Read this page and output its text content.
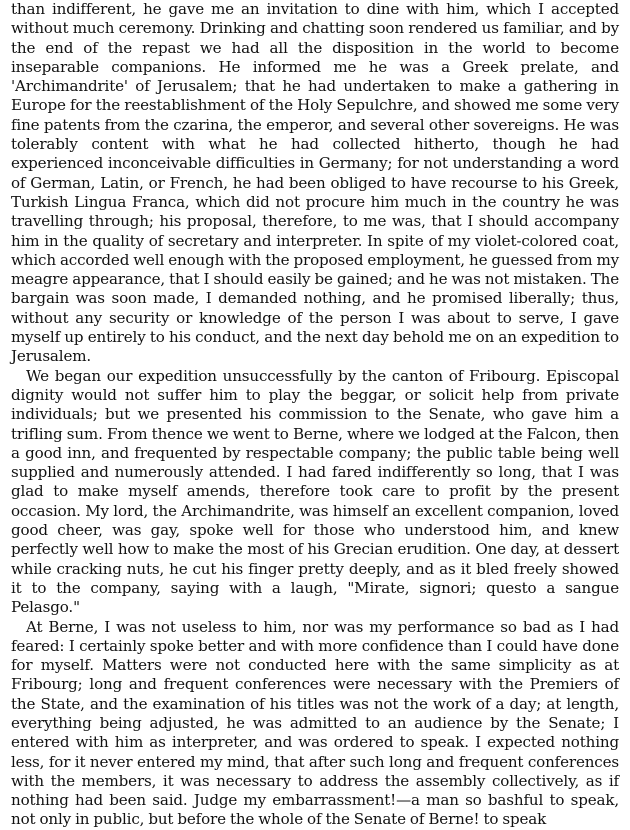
than indifferent, he gave me an invitation to dine with him, which I accepted without much ceremony. Drinking and chatting soon rendered us familiar, and by the end of the repast we had all the disposition in the world to become inseparable companions. He informed me he was a Greek prelate, and 'Archimandrite' of Jerusalem; that he had undertaken to make a gathering in Europe for the reestablishment of the Holy Sepulchre, and showed me some very fine patents from the czarina, the emperor, and several other sovereigns. He was tolerably content with what he had collected hitherto, though he had experienced inconceivable difficulties in Germany; for not understanding a word of German, Latin, or French, he had been obliged to have recourse to his Greek, Turkish Lingua Franca, which did not procure him much in the country he was travelling through; his proposal, therefore, to me was, that I should accompany him in the quality of secretary and interpreter. In spite of my violet-colored coat, which accorded well enough with the proposed employment, he guessed from my meagre appearance, that I should easily be gained; and he was not mistaken. The bargain was soon made, I demanded nothing, and he promised liberally; thus, without any security or knowledge of the person I was about to serve, I gave myself up entirely to his conduct, and the next day behold me on an expedition to Jerusalem.

We began our expedition unsuccessfully by the canton of Fribourg. Episcopal dignity would not suffer him to play the beggar, or solicit help from private individuals; but we presented his commission to the Senate, who gave him a trifling sum. From thence we went to Berne, where we lodged at the Falcon, then a good inn, and frequented by respectable company; the public table being well supplied and numerously attended. I had fared indifferently so long, that I was glad to make myself amends, therefore took care to profit by the present occasion. My lord, the Archimandrite, was himself an excellent companion, loved good cheer, was gay, spoke well for those who understood him, and knew perfectly well how to make the most of his Grecian erudition. One day, at dessert while cracking nuts, he cut his finger pretty deeply, and as it bled freely showed it to the company, saying with a laugh, "Mirate, signori; questo a sangue Pelasgo."

At Berne, I was not useless to him, nor was my performance so bad as I had feared: I certainly spoke better and with more confidence than I could have done for myself. Matters were not conducted here with the same simplicity as at Fribourg; long and frequent conferences were necessary with the Premiers of the State, and the examination of his titles was not the work of a day; at length, everything being adjusted, he was admitted to an audience by the Senate; I entered with him as interpreter, and was ordered to speak. I expected nothing less, for it never entered my mind, that after such long and frequent conferences with the members, it was necessary to address the assembly collectively, as if nothing had been said. Judge my embarrassment!—a man so bashful to speak, not only in public, but before the whole of the Senate of Berne! to speak
